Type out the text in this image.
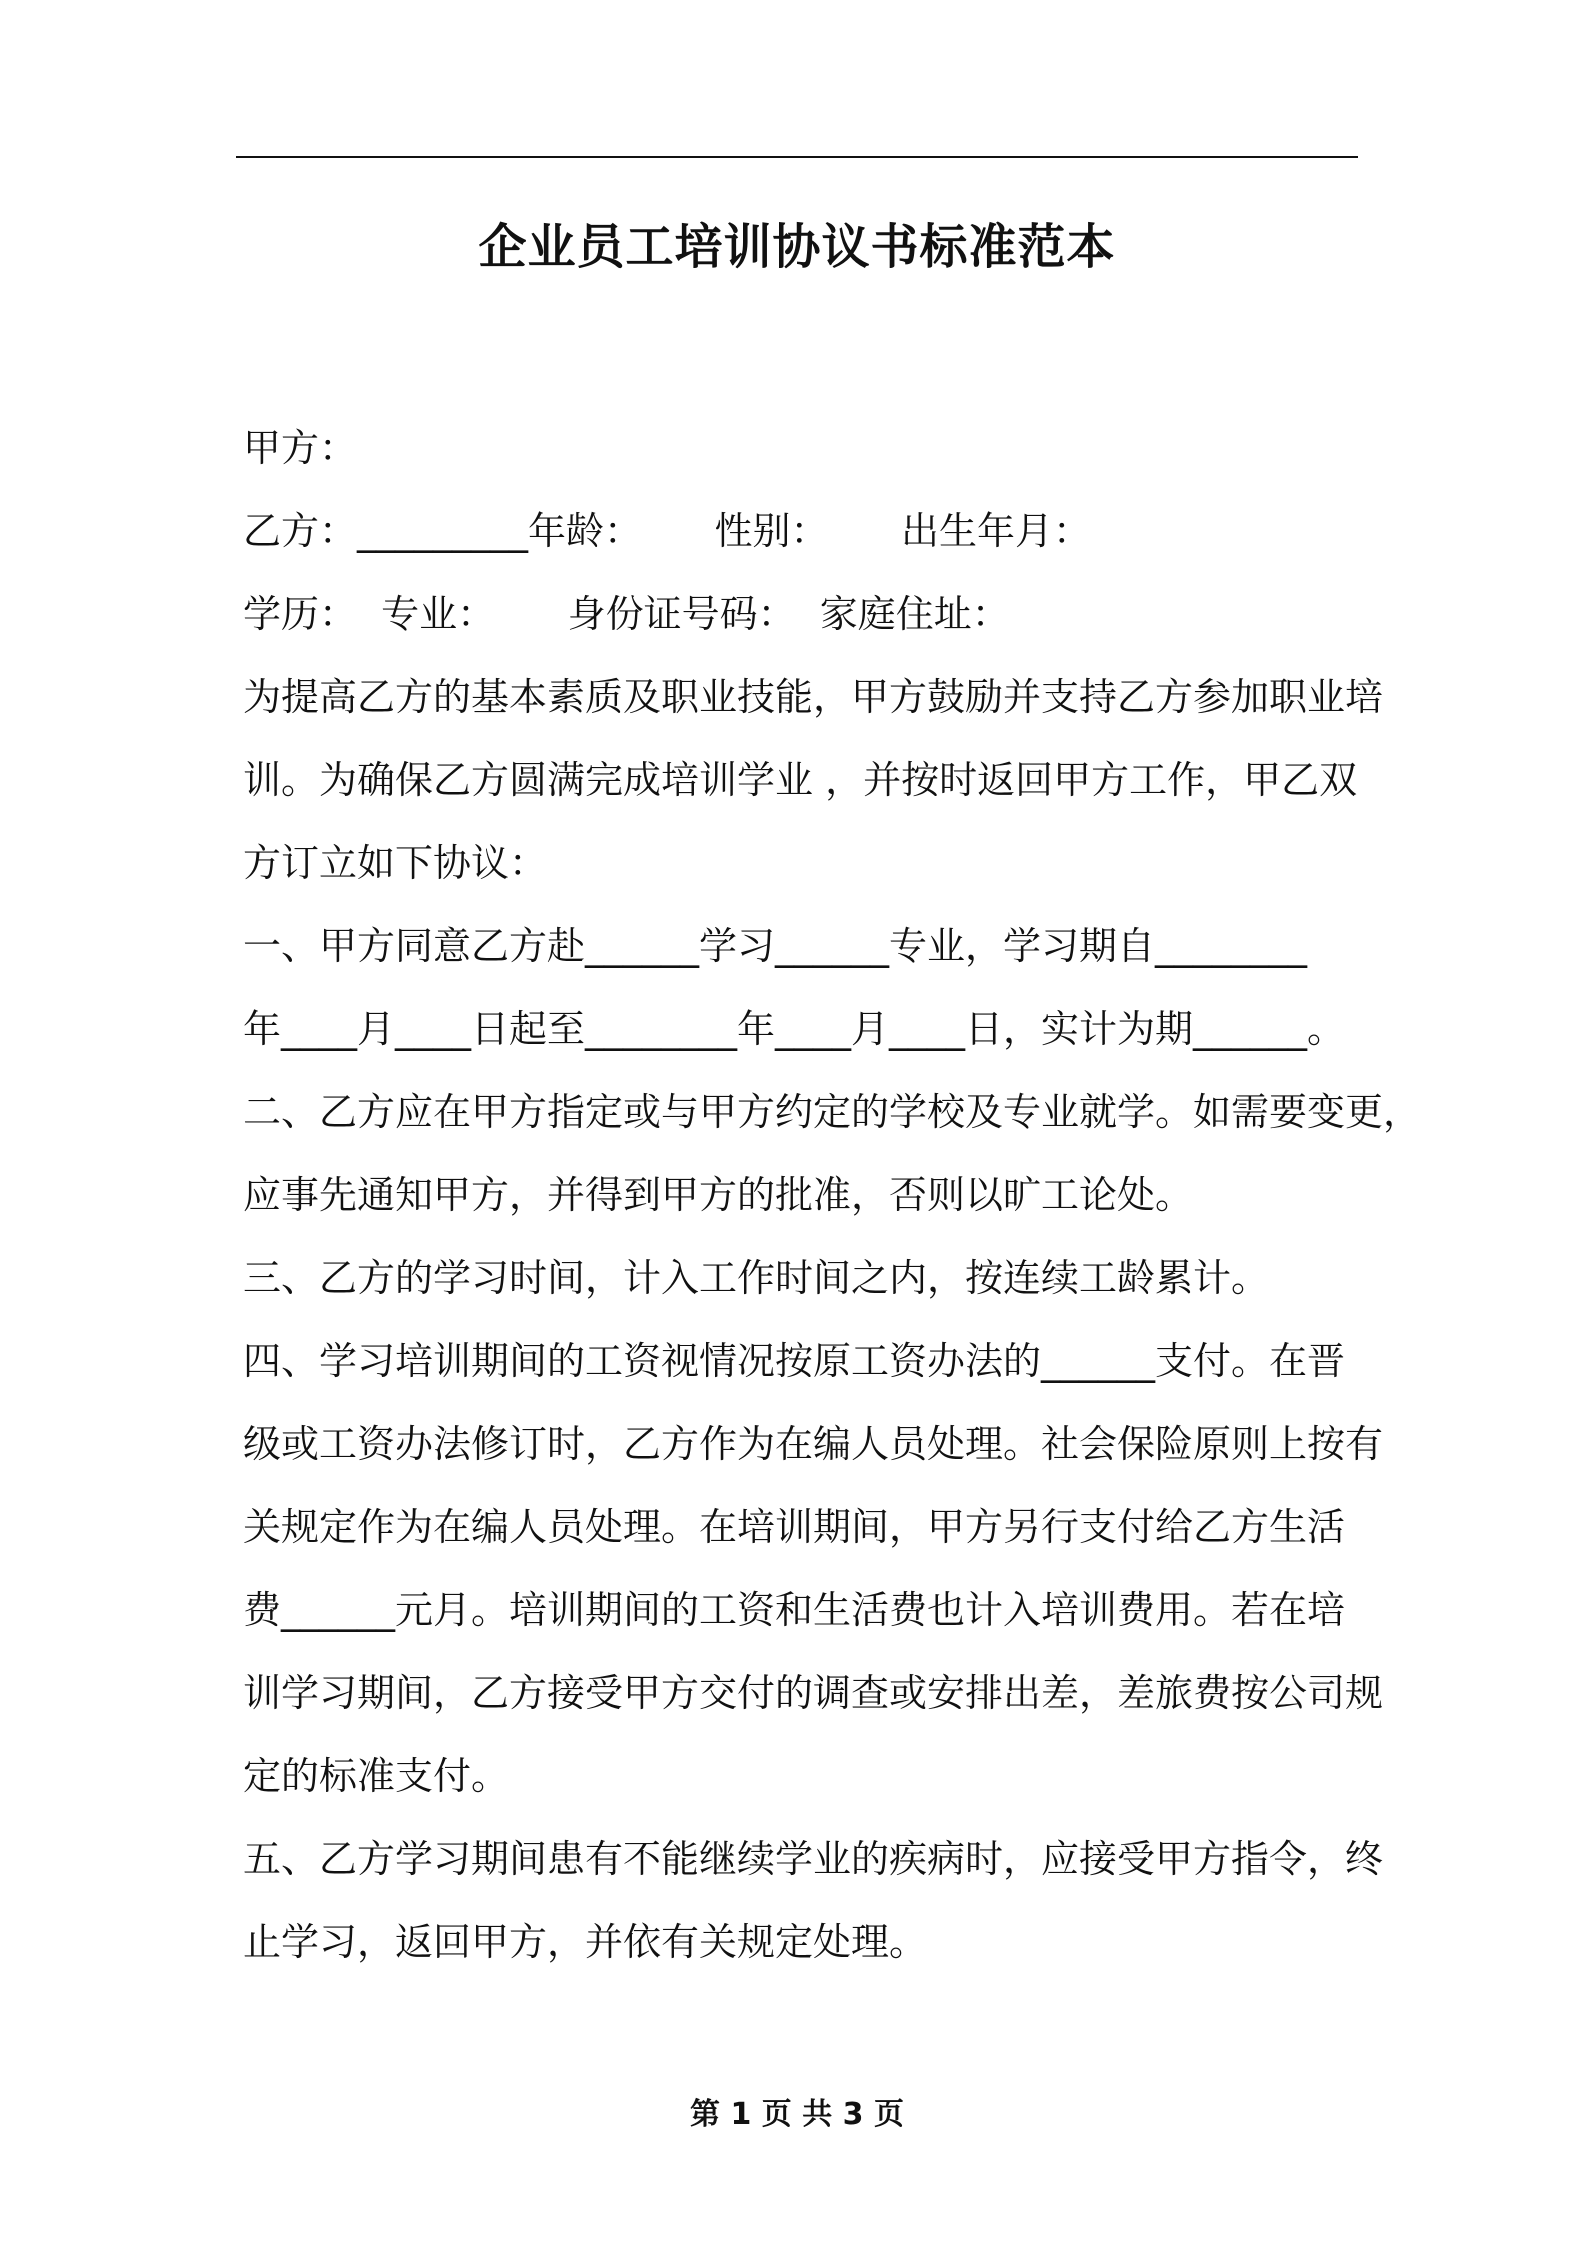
企业员工培训协议书标准范本

甲方：

乙方：_________年龄：      性别：      出生年月：

学历：  专业：      身份证号码：  家庭住址：

为提高乙方的基本素质及职业技能，甲方鼓励并支持乙方参加职业培

训。为确保乙方圆满完成培训学业 ，并按时返回甲方工作，甲乙双

方订立如下协议：

一、甲方同意乙方赴______学习______专业，学习期自________

年____月____日起至________年____月____日，实计为期______。

二、乙方应在甲方指定或与甲方约定的学校及专业就学。如需要变更，

应事先通知甲方，并得到甲方的批准，否则以旷工论处。

三、乙方的学习时间，计入工作时间之内，按连续工龄累计。

四、学习培训期间的工资视情况按原工资办法的______支付。在晋

级或工资办法修订时，乙方作为在编人员处理。社会保险原则上按有

关规定作为在编人员处理。在培训期间，甲方另行支付给乙方生活

费______元月。培训期间的工资和生活费也计入培训费用。若在培

训学习期间，乙方接受甲方交付的调查或安排出差，差旅费按公司规

定的标准支付。

五、乙方学习期间患有不能继续学业的疾病时，应接受甲方指令，终

止学习，返回甲方，并依有关规定处理。

第 1 页 共 3 页
